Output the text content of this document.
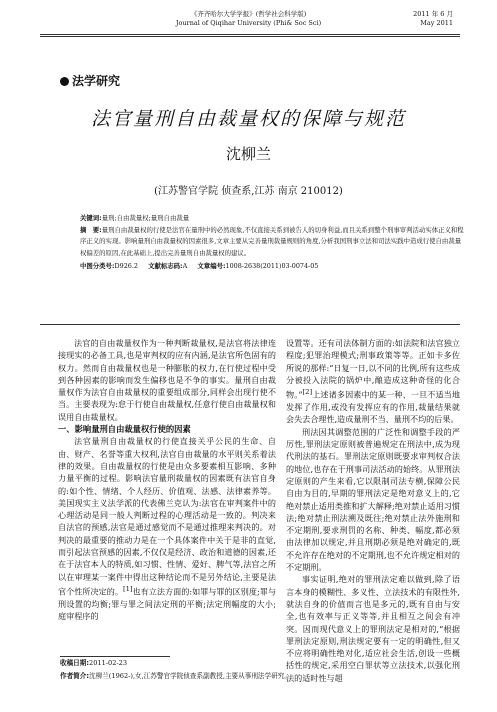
《齐齐哈尔大学学报》(哲学社会科学版)
Journal of Qiqihar University (Phi& Soc Sci)
2011 年 6 月
May 2011
法学研究
法官量刑自由裁量权的保障与规范
沈柳兰
(江苏警官学院 侦查系,江苏 南京 210012)

关键词:量刑;自由裁量权;量刑自由裁量

摘　要:量刑自由裁量权的行使是法官在量刑中的必然现象,不仅直接关系到被告人的切身利益,而且关系到整个刑事审判活动实体正义和程序正义的实现。影响量刑自由裁量权的因素很多,文章主要从完善量刑裁量规则的角度,分析我国刑事立法和司法实践中造成行使自由裁量权偏差的原因,在此基础上,提出完善量刑自由裁量权的建议。

中图分类号:D926.2 文献标志码:A 文章编号:1008-2638(2011)03-0074-05

法官的自由裁量权作为一种判断裁量权,是法官将法律连接现实的必备工具,也是审判权的应有内涵,是法官所色固有的权力。然而自由裁量权也是一种膨胀的权力,在行使过程中受到各种因素的影响而发生偏移也是不争的事实。量刑自由裁量权作为法官自由裁量权的重要组成部分,同样会出现行使不当。主要表现为:怠于行使自由裁量权,任意行使自由裁量权和误用自由裁量权。

一、影响量刑自由裁量权行使的因素

法官量刑自由裁量权的行使直接关乎公民的生命、自由、财产、名誉等重大权利,法官自由裁量的水平则关系着法律的效果。自由裁量权的行使是由众多要素相互影响、多种力量平衡的过程。影响法官量刑裁量权的因素既有法官自身的:如个性、情绪、个人经历、价值观、法感、法律素养等。美国现实主义法学派的代表佛兰克认为:法官在审判案件中的心理活动是同一般人判断过程的心理活动是一致的。判决来自法官的预感,法官是通过感觉而不是通过推理来判决的。对判决的最重要的推动力是在一个具体案件中关于是非的直觉,而引起法官预感的因素,不仅仅是经济、政治和道德的因素,还在于法官本人的特质,如习惯、性情、爱好、脾气等,法官之所以在审理某一案件中得出这种结论而不是另外结论,主要是法官个性所决定的。[1]也有立法方面的:如罪与罪的区别度;罪与刑设置的均衡;罪与罪之间法定刑的平衡;法定刑幅度的大小;庭审程序的

设置等。还有司法体制方面的:如法院和法官独立程度;犯罪治理模式;刑事政策等等。正如卡多佐所说的那样:“日复一日,以不同的比例,所有这些成分被投入法院的锅炉中,酿造成这种奇怪的化合物。”[2]上述诸多因素中的某一种、一旦不适当地发挥了作用,或没有发挥应有的作用,裁量结果就会失去合理性,造成量刑不当、量刑不均的后果。

刑法因其调整范围的广泛性和调整手段的严厉性,罪刑法定原则被普遍规定在刑法中,成为现代刑法的基石。罪刑法定原则既要求审判权合法的地位,也存在于刑事司法活动的始终。从罪刑法定原则的产生来看,它以限制司法专横,保障公民自由为目的,早期的罪刑法定是绝对意义上的,它绝对禁止适用类推和扩大解释;绝对禁止适用习惯法;绝对禁止刑法溯及既往;绝对禁止法外施刑和不定期刑,要求刑罚的名称、种类、幅度,都必须由法律加以规定,并且刑期必须是绝对确定的,既不允许存在绝对的不定期刑,也不允许规定相对的不定期刑。

事实证明,绝对的罪刑法定难以做到,除了语言本身的模糊性、多义性、立法技术的有限性外,就法自身的价值而言也是多元的,既有自由与安全,也有效率与正义等等,并且相互之间会有冲突。因而现代意义上的罪刑法定是相对的,“根据罪刑法定原则,刑法规定要有一定的明确性,但又不应将明确性绝对化,适应社会生活,创设一些概括性的规定,采用空白罪状等立法技术,以强化刑法的适时性与超

收稿日期:2011-02-23
作者简介:沈柳兰(1962-),女,江苏警官学院侦查系副教授,主要从事刑法学研究。
